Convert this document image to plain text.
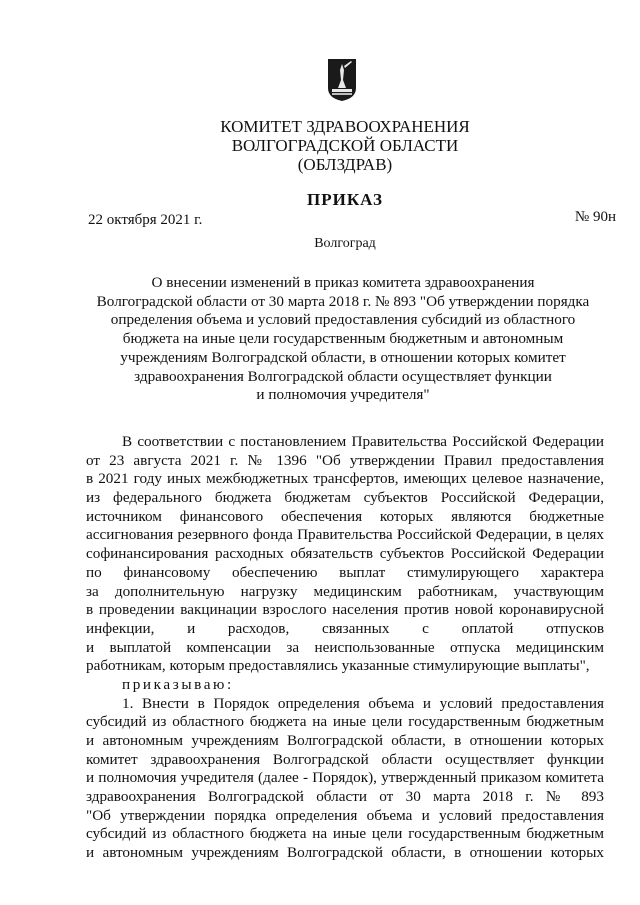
КОМИТЕТ ЗДРАВООХРАНЕНИЯ
ВОЛГОГРАДСКОЙ ОБЛАСТИ
(ОБЛЗДРАВ)
ПРИКАЗ
22 октября 2021 г.	№ 90н
Волгоград
О внесении изменений в приказ комитета здравоохранения
Волгоградской области от 30 марта 2018 г. № 893 "Об утверждении порядка
определения объема и условий предоставления субсидий из областного
бюджета на иные цели государственным бюджетным и автономным
учреждениям Волгоградской области, в отношении которых комитет
здравоохранения Волгоградской области осуществляет функции
и полномочия учредителя"
В соответствии с постановлением Правительства Российской Федерации
от 23 августа 2021 г. № 1396 "Об утверждении Правил предоставления
в 2021 году иных межбюджетных трансфертов, имеющих целевое назначение,
из федерального бюджета бюджетам субъектов Российской Федерации,
источником финансового обеспечения которых являются бюджетные
ассигнования резервного фонда Правительства Российской Федерации, в целях
софинансирования расходных обязательств субъектов Российской Федерации
по финансовому обеспечению выплат стимулирующего характера
за дополнительную нагрузку медицинским работникам, участвующим
в проведении вакцинации взрослого населения против новой коронавирусной
инфекции, и расходов, связанных с оплатой отпусков
и выплатой компенсации за неиспользованные отпуска медицинским
работникам, которым предоставлялись указанные стимулирующие выплаты",
приказываю:
1. Внести в Порядок определения объема и условий предоставления
субсидий из областного бюджета на иные цели государственным бюджетным
и автономным учреждениям Волгоградской области, в отношении которых
комитет здравоохранения Волгоградской области осуществляет функции
и полномочия учредителя (далее - Порядок), утвержденный приказом комитета
здравоохранения Волгоградской области от 30 марта 2018 г. № 893
"Об утверждении порядка определения объема и условий предоставления
субсидий из областного бюджета на иные цели государственным бюджетным
и автономным учреждениям Волгоградской области, в отношении которых
